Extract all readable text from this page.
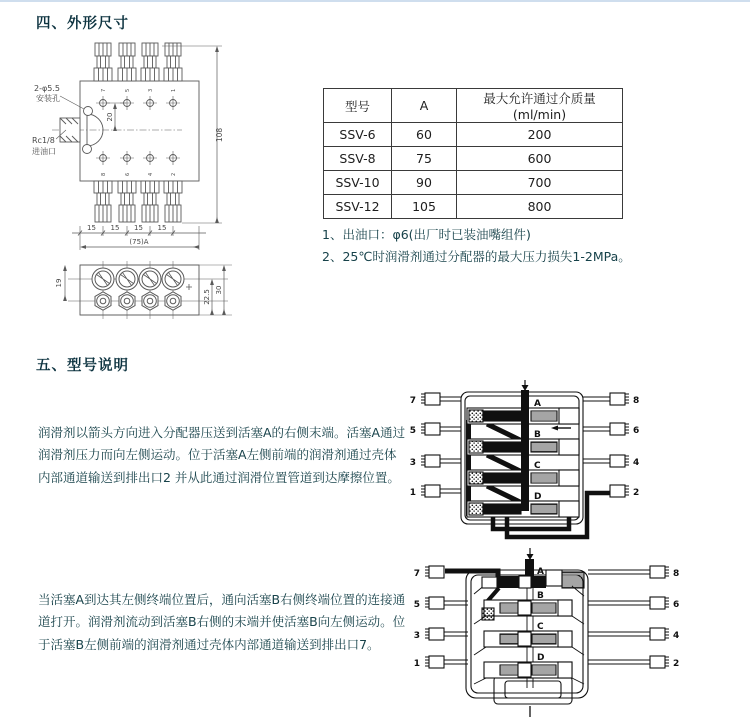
四、外形尺寸
2-φ5.5
安装孔
Rc1/8
进油口
108
20
15 15 15 15
(75)A
19
22.5 30
7	5	3	1
8	6	4	2
型号	A	最大允许通过介质量(ml/min)
SSV-6	60	200
SSV-8	75	600
SSV-10	90	700
SSV-12	105	800
1、出油口：φ6(出厂时已装油嘴组件)
2、25℃时润滑剂通过分配器的最大压力损失1-2MPa。
五、型号说明
润滑剂以箭头方向进入分配器压送到活塞A的右侧末端。活塞A通过
润滑剂压力而向左侧运动。位于活塞A左侧前端的润滑剂通过壳体
内部通道输送到排出口2 并从此通过润滑位置管道到达摩擦位置。
A
B
C
D
7
5
3
1
8
6
4
2
当活塞A到达其左侧终端位置后，通向活塞B右侧终端位置的连接通
道打开。润滑剂流动到活塞B右侧的末端并使活塞B向左侧运动。位
于活塞B左侧前端的润滑剂通过壳体内部通道输送到排出口7。
A
B
C
D
7
5
3
1
8
6
4
2
